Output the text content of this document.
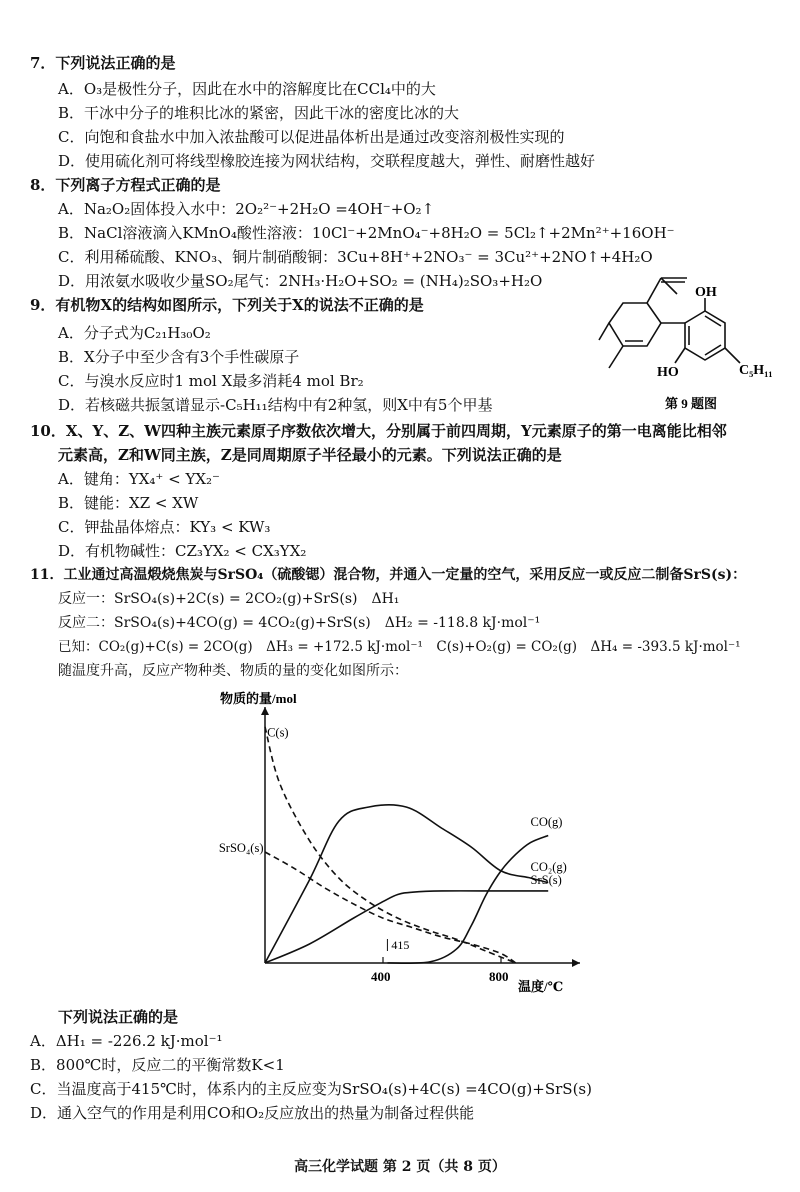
7．下列说法正确的是
A．O₃是极性分子，因此在水中的溶解度比在CCl₄中的大
B．干冰中分子的堆积比冰的紧密，因此干冰的密度比冰的大
C．向饱和食盐水中加入浓盐酸可以促进晶体析出是通过改变溶剂极性实现的
D．使用硫化剂可将线型橡胶连接为网状结构，交联程度越大，弹性、耐磨性越好
8．下列离子方程式正确的是
A．Na₂O₂固体投入水中：2O₂²⁻+2H₂O =4OH⁻+O₂↑
B．NaCl溶液滴入KMnO₄酸性溶液：10Cl⁻+2MnO₄⁻+8H₂O = 5Cl₂↑+2Mn²⁺+16OH⁻
C．利用稀硫酸、KNO₃、铜片制硝酸铜：3Cu+8H⁺+2NO₃⁻ = 3Cu²⁺+2NO↑+4H₂O
D．用浓氨水吸收少量SO₂尾气：2NH₃·H₂O+SO₂ = (NH₄)₂SO₃+H₂O
9．有机物X的结构如图所示，下列关于X的说法不正确的是
A．分子式为C₂₁H₃₀O₂
B．X分子中至少含有3个手性碳原子
C．与溴水反应时1 mol X最多消耗4 mol Br₂
D．若核磁共振氢谱显示-C₅H₁₁结构中有2种氢，则X中有5个甲基
OH
HO	C₅H₁₁
第 9 题图
10．X、Y、Z、W四种主族元素原子序数依次增大，分别属于前四周期，Y元素原子的第一电离能比相邻
元素高，Z和W同主族，Z是同周期原子半径最小的元素。下列说法正确的是
A．键角：YX₄⁺ < YX₂⁻
B．键能：XZ < XW
C．钾盐晶体熔点：KY₃ < KW₃
D．有机物碱性：CZ₃YX₂ < CX₃YX₂
11．工业通过高温煅烧焦炭与SrSO₄（硫酸锶）混合物，并通入一定量的空气，采用反应一或反应二制备SrS(s)：
反应一：SrSO₄(s)+2C(s) = 2CO₂(g)+SrS(s)　ΔH₁
反应二：SrSO₄(s)+4CO(g) = 4CO₂(g)+SrS(s)　ΔH₂ = -118.8 kJ·mol⁻¹
已知：CO₂(g)+C(s) = 2CO(g)　ΔH₃ = +172.5 kJ·mol⁻¹　C(s)+O₂(g) = CO₂(g)　ΔH₄ = -393.5 kJ·mol⁻¹
随温度升高，反应产物种类、物质的量的变化如图所示：
物质的量/mol
温度/℃
400	800
415
C(s)
SrSO₄(s)
CO₂(g)
CO(g)
SrS(s)
下列说法正确的是
A．ΔH₁ = -226.2 kJ·mol⁻¹
B．800℃时，反应二的平衡常数K<1
C．当温度高于415℃时，体系内的主反应变为SrSO₄(s)+4C(s) =4CO(g)+SrS(s)
D．通入空气的作用是利用CO和O₂反应放出的热量为制备过程供能
高三化学试题 第 2 页（共 8 页）
